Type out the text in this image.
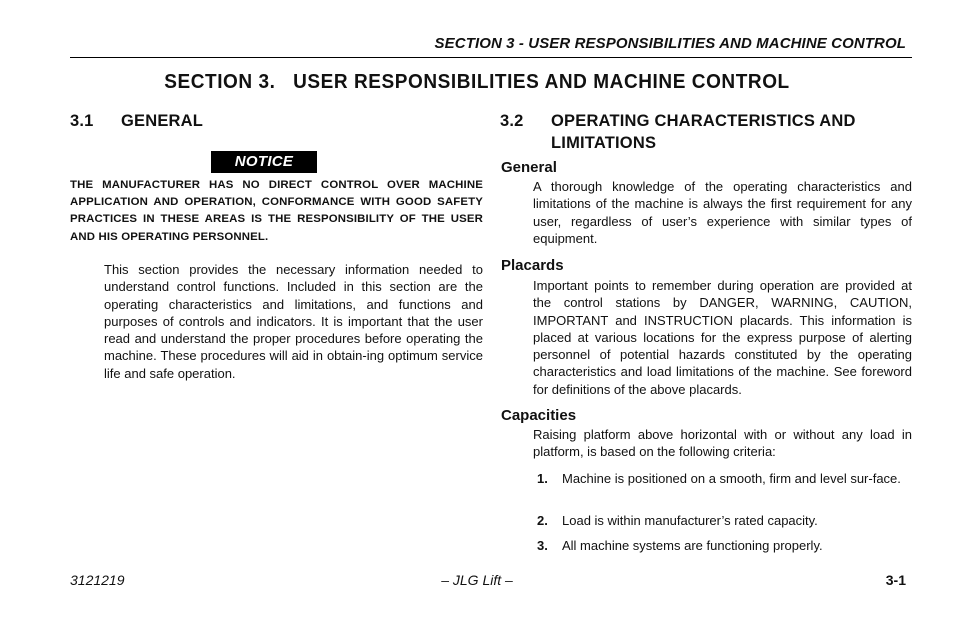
SECTION 3 - USER RESPONSIBILITIES AND MACHINE CONTROL
SECTION 3.   USER RESPONSIBILITIES AND MACHINE CONTROL
3.1 GENERAL
NOTICE
THE MANUFACTURER HAS NO DIRECT CONTROL OVER MACHINE APPLICATION AND OPERATION, CONFORMANCE WITH GOOD SAFETY PRACTICES IN THESE AREAS IS THE RESPONSIBILITY OF THE USER AND HIS OPERATING PERSONNEL.
This section provides the necessary information needed to understand control functions. Included in this section are the operating characteristics and limitations, and functions and purposes of controls and indicators. It is important that the user read and understand the proper procedures before operating the machine. These procedures will aid in obtain-ing optimum service life and safe operation.
3.2 OPERATING CHARACTERISTICS AND
LIMITATIONS
General
A thorough knowledge of the operating characteristics and limitations of the machine is always the first requirement for any user, regardless of user’s experience with similar types of equipment.
Placards
Important points to remember during operation are provided at the control stations by DANGER, WARNING, CAUTION, IMPORTANT and INSTRUCTION placards. This information is placed at various locations for the express purpose of alerting personnel of potential hazards constituted by the operating characteristics and load limitations of the machine. See foreword for definitions of the above placards.
Capacities
Raising platform above horizontal with or without any load in platform, is based on the following criteria:
1. Machine is positioned on a smooth, firm and level sur-face.
2. Load is within manufacturer’s rated capacity.
3. All machine systems are functioning properly.
3121219	– JLG Lift –	3-1
